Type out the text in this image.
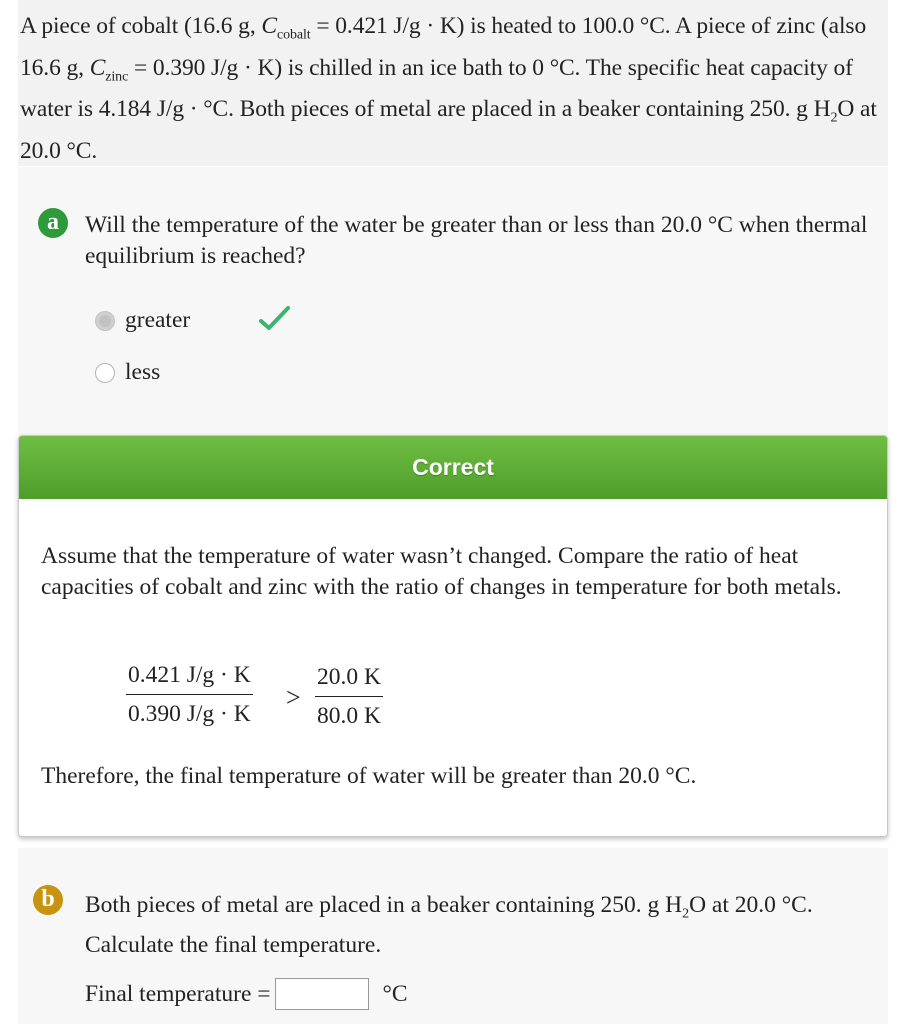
A piece of cobalt (16.6 g, $C_{cobalt} = 0.421$ J/g · K) is heated to 100.0 °C. A piece of zinc (also 16.6 g, $C_{zinc} = 0.390$ J/g · K) is chilled in an ice bath to 0 °C. The specific heat capacity of water is 4.184 J/g · °C. Both pieces of metal are placed in a beaker containing 250. g $H_2O$ at 20.0 °C.

a	Will the temperature of the water be greater than or less than 20.0 °C when thermal equilibrium is reached?

greater
less
Correct

Assume that the temperature of water wasn’t changed. Compare the ratio of heat capacities of cobalt and zinc with the ratio of changes in temperature for both metals.

0.421 J/g · K
0.390 J/g · K
>
20.0 K
80.0 K

Therefore, the final temperature of water will be greater than 20.0 °C.

b	Both pieces of metal are placed in a beaker containing 250. g $H_2O$ at 20.0 °C. Calculate the final temperature.

Final temperature =	°C
